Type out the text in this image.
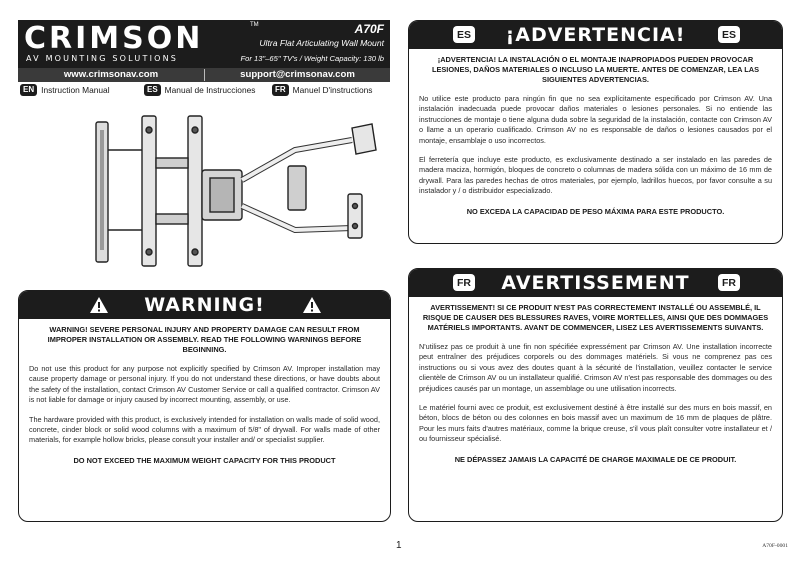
CRIMSON
AV MOUNTING SOLUTIONS
TM	A70F
Ultra Flat Articulating Wall Mount
For 13"–65" TV's / Weight Capacity: 130 lb
www.crimsonav.com	support@crimsonav.com
EN Instruction Manual	ES Manual de Instrucciones	FR Manuel D'instructions
WARNING!
WARNING! SEVERE PERSONAL INJURY AND PROPERTY DAMAGE CAN RESULT FROM IMPROPER INSTALLATION OR ASSEMBLY. READ THE FOLLOWING WARNINGS BEFORE BEGINNING.
Do not use this product for any purpose not explicitly specified by Crimson AV. Improper installation may cause property damage or personal injury. If you do not understand these directions, or have doubts about the safety of the installation, contact Crimson AV Customer Service or call a qualified contractor. Crimson AV is not liable for damage or injury caused by incorrect mounting, assembly, or use.
The hardware provided with this product, is exclusively intended for installation on walls made of solid wood, concrete, cinder block or solid wood columns with a maximum of 5/8" of drywall. For walls made of other materials, for example hollow bricks, please consult your installer and/ or specialist supplier.
DO NOT EXCEED THE MAXIMUM WEIGHT CAPACITY FOR THIS PRODUCT
ES ¡ADVERTENCIA!	ES
¡ADVERTENCIA! LA INSTALACIÓN O EL MONTAJE INAPROPIADOS PUEDEN PROVOCAR LESIONES, DAÑOS MATERIALES O INCLUSO LA MUERTE. ANTES DE COMENZAR, LEA LAS SIGUIENTES ADVERTENCIAS.
No utilice este producto para ningún fin que no sea explícitamente especificado por Crimson AV. Una instalación inadecuada puede provocar daños materiales o lesiones personales. Si no entiende las instrucciones de montaje o tiene alguna duda sobre la seguridad de la instalación, contacte con Crimson AV o llame a un operario cualificado. Crimson AV no es responsable de daños o lesiones causados por el montaje, ensamblaje o uso incorrectos.
El ferretería que incluye este producto, es exclusivamente destinado a ser instalado en las paredes de madera maciza, hormigón, bloques de concreto o columnas de madera sólida con un máximo de 16 mm de drywall. Para las paredes hechas de otros materiales, por ejemplo, ladrillos huecos, por favor consulte a su instalador y / o distribuidor especializado.
NO EXCEDA LA CAPACIDAD DE PESO MÁXIMA PARA ESTE PRODUCTO.
FR AVERTISSEMENT	FR
AVERTISSEMENT! SI CE PRODUIT N'EST PAS CORRECTEMENT INSTALLÉ OU ASSEMBLÉ, IL RISQUE DE CAUSER DES BLESSURES RAVES, VOIRE MORTELLES, AINSI QUE DES DOMMAGES MATÉRIELS IMPORTANTS. AVANT DE COMMENCER, LISEZ LES AVERTISSEMENTS SUIVANTS.
N'utilisez pas ce produit à une fin non spécifiée expressément par Crimson AV. Une installation incorrecte peut entraîner des préjudices corporels ou des dommages matériels. Si vous ne comprenez pas ces instructions ou si vous avez des doutes quant à la sécurité de l'installation, veuillez contacter le service clientèle de Crimson AV ou un installateur qualifié. Crimson AV n'est pas responsable des dommages ou des préjudices causés par un montage, un assemblage ou une utilisation incorrects.
Le matériel fourni avec ce produit, est exclusivement destiné à être installé sur des murs en bois massif, en béton, blocs de béton ou des colonnes en bois massif avec un maximum de 16 mm de plaques de plâtre. Pour les murs faits d'autres matériaux, comme la brique creuse, s'il vous plaît consulter votre installateur et / ou fournisseur spécialisé.
NE DÉPASSEZ JAMAIS LA CAPACITÉ DE CHARGE MAXIMALE DE CE PRODUIT.
1	A70F-0001
